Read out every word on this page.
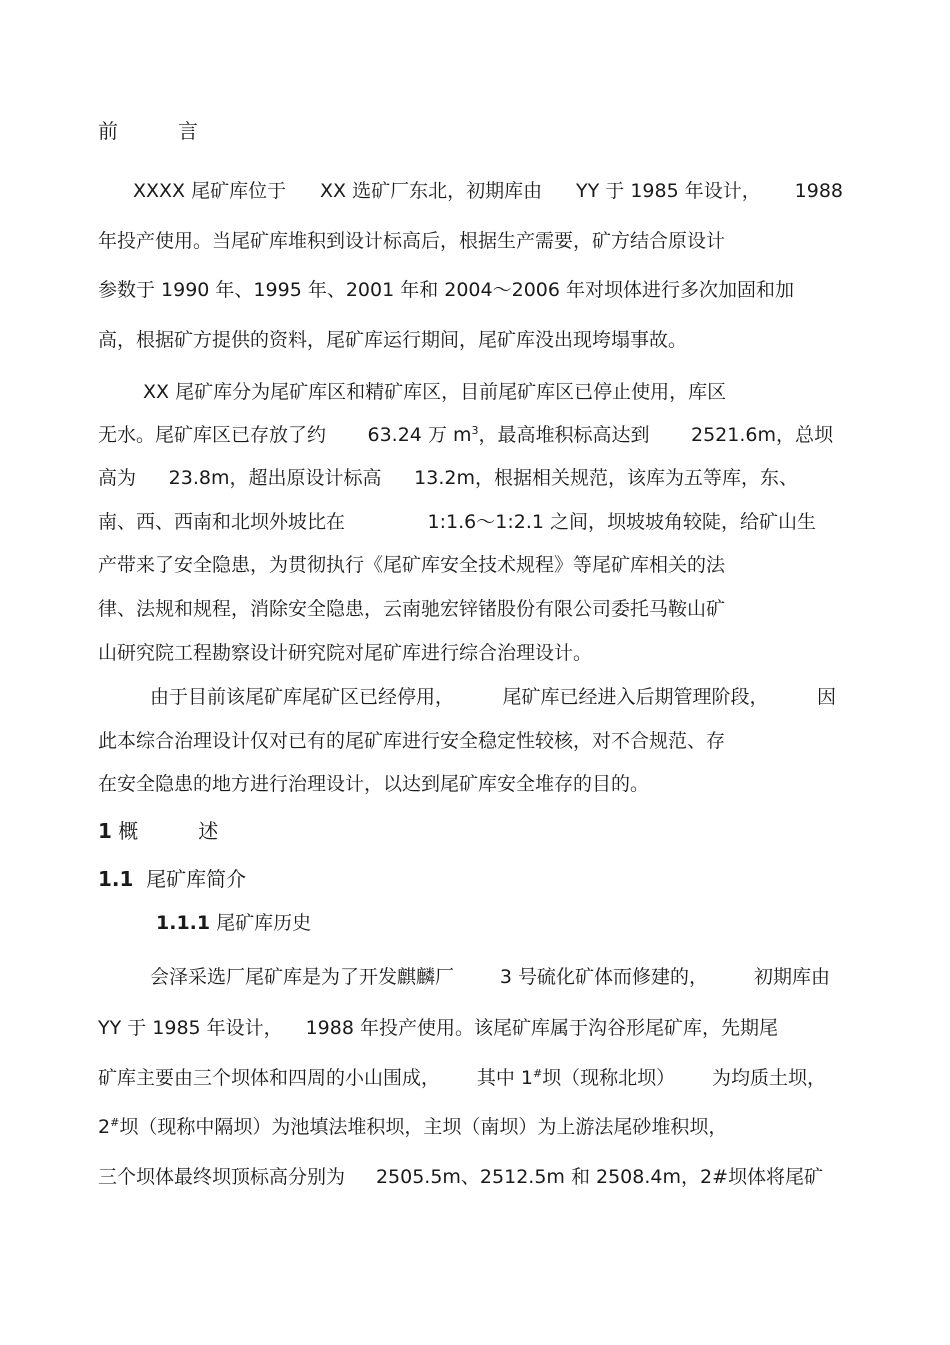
前　　　言
XXXX 尾矿库位于 XX 选矿厂东北，初期库由 YY 于 1985 年设计， 1988
年投产使用。当尾矿库堆积到设计标高后，根据生产需要，矿方结合原设计
参数于 1990 年、1995 年、2001 年和 2004～2006 年对坝体进行多次加固和加
高，根据矿方提供的资料，尾矿库运行期间，尾矿库没出现垮塌事故。
XX 尾矿库分为尾矿库区和精矿库区，目前尾矿库区已停止使用，库区
无水。尾矿库区已存放了约 63.24 万 $m^3$，最高堆积标高达到 2521.6m，总坝
高为 23.8m，超出原设计标高 13.2m，根据相关规范，该库为五等库，东、
南、西、西南和北坝外坡比在	1:1.6～1:2.1 之间，坝坡坡角较陡，给矿山生
产带来了安全隐患，为贯彻执行《尾矿库安全技术规程》等尾矿库相关的法
律、法规和规程，消除安全隐患，云南驰宏锌锗股份有限公司委托马鞍山矿
山研究院工程勘察设计研究院对尾矿库进行综合治理设计。
由于目前该尾矿库尾矿区已经停用，	尾矿库已经进入后期管理阶段，	因
此本综合治理设计仅对已有的尾矿库进行安全稳定性较核，对不合规范、存
在安全隐患的地方进行治理设计，以达到尾矿库安全堆存的目的。
1 概　　　述
1.1 尾矿库简介
1.1.1 尾矿库历史
会泽采选厂尾矿库是为了开发麒麟厂 3 号硫化矿体而修建的， 初期库由
YY 于 1985 年设计， 1988 年投产使用。该尾矿库属于沟谷形尾矿库，先期尾
矿库主要由三个坝体和四周的小山围成， 其中 1#坝（现称北坝） 为均质土坝，
2#坝（现称中隔坝）为池填法堆积坝，主坝（南坝）为上游法尾砂堆积坝，
三个坝体最终坝顶标高分别为 2505.5m、2512.5m 和 2508.4m，2#坝体将尾矿
